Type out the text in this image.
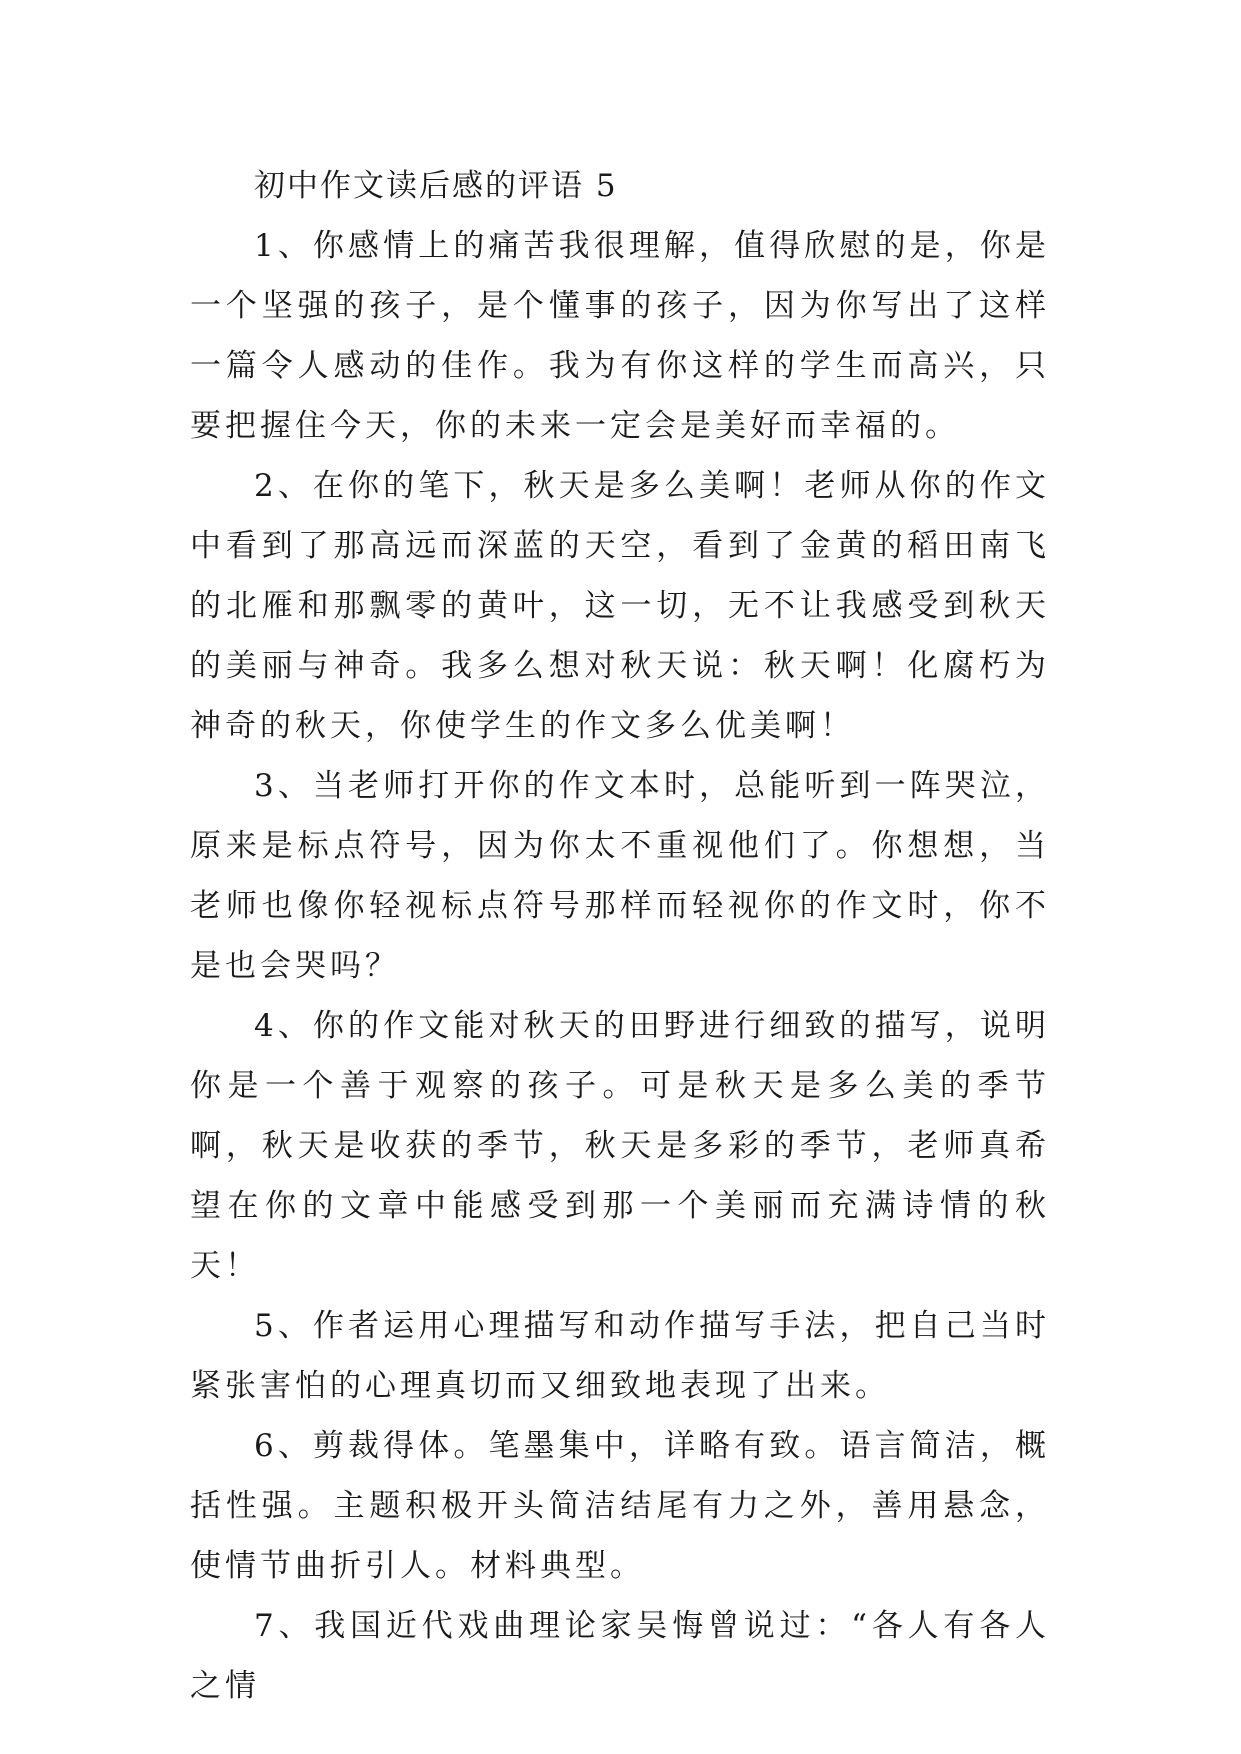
初中作文读后感的评语 5

1、你感情上的痛苦我很理解，值得欣慰的是，你是一个坚强的孩子，是个懂事的孩子，因为你写出了这样一篇令人感动的佳作。我为有你这样的学生而高兴，只要把握住今天，你的未来一定会是美好而幸福的。

2、在你的笔下，秋天是多么美啊！老师从你的作文中看到了那高远而深蓝的天空，看到了金黄的稻田南飞的北雁和那飘零的黄叶，这一切，无不让我感受到秋天的美丽与神奇。我多么想对秋天说：秋天啊！化腐朽为神奇的秋天，你使学生的作文多么优美啊！

3、当老师打开你的作文本时，总能听到一阵哭泣，原来是标点符号，因为你太不重视他们了。你想想，当老师也像你轻视标点符号那样而轻视你的作文时，你不是也会哭吗？

4、你的作文能对秋天的田野进行细致的描写，说明你是一个善于观察的孩子。可是秋天是多么美的季节啊，秋天是收获的季节，秋天是多彩的季节，老师真希望在你的文章中能感受到那一个美丽而充满诗情的秋天！

5、作者运用心理描写和动作描写手法，把自己当时紧张害怕的心理真切而又细致地表现了出来。

6、剪裁得体。笔墨集中，详略有致。语言简洁，概括性强。主题积极开头简洁结尾有力之外，善用悬念，使情节曲折引人。材料典型。

7、我国近代戏曲理论家吴悔曾说过：“各人有各人之情
